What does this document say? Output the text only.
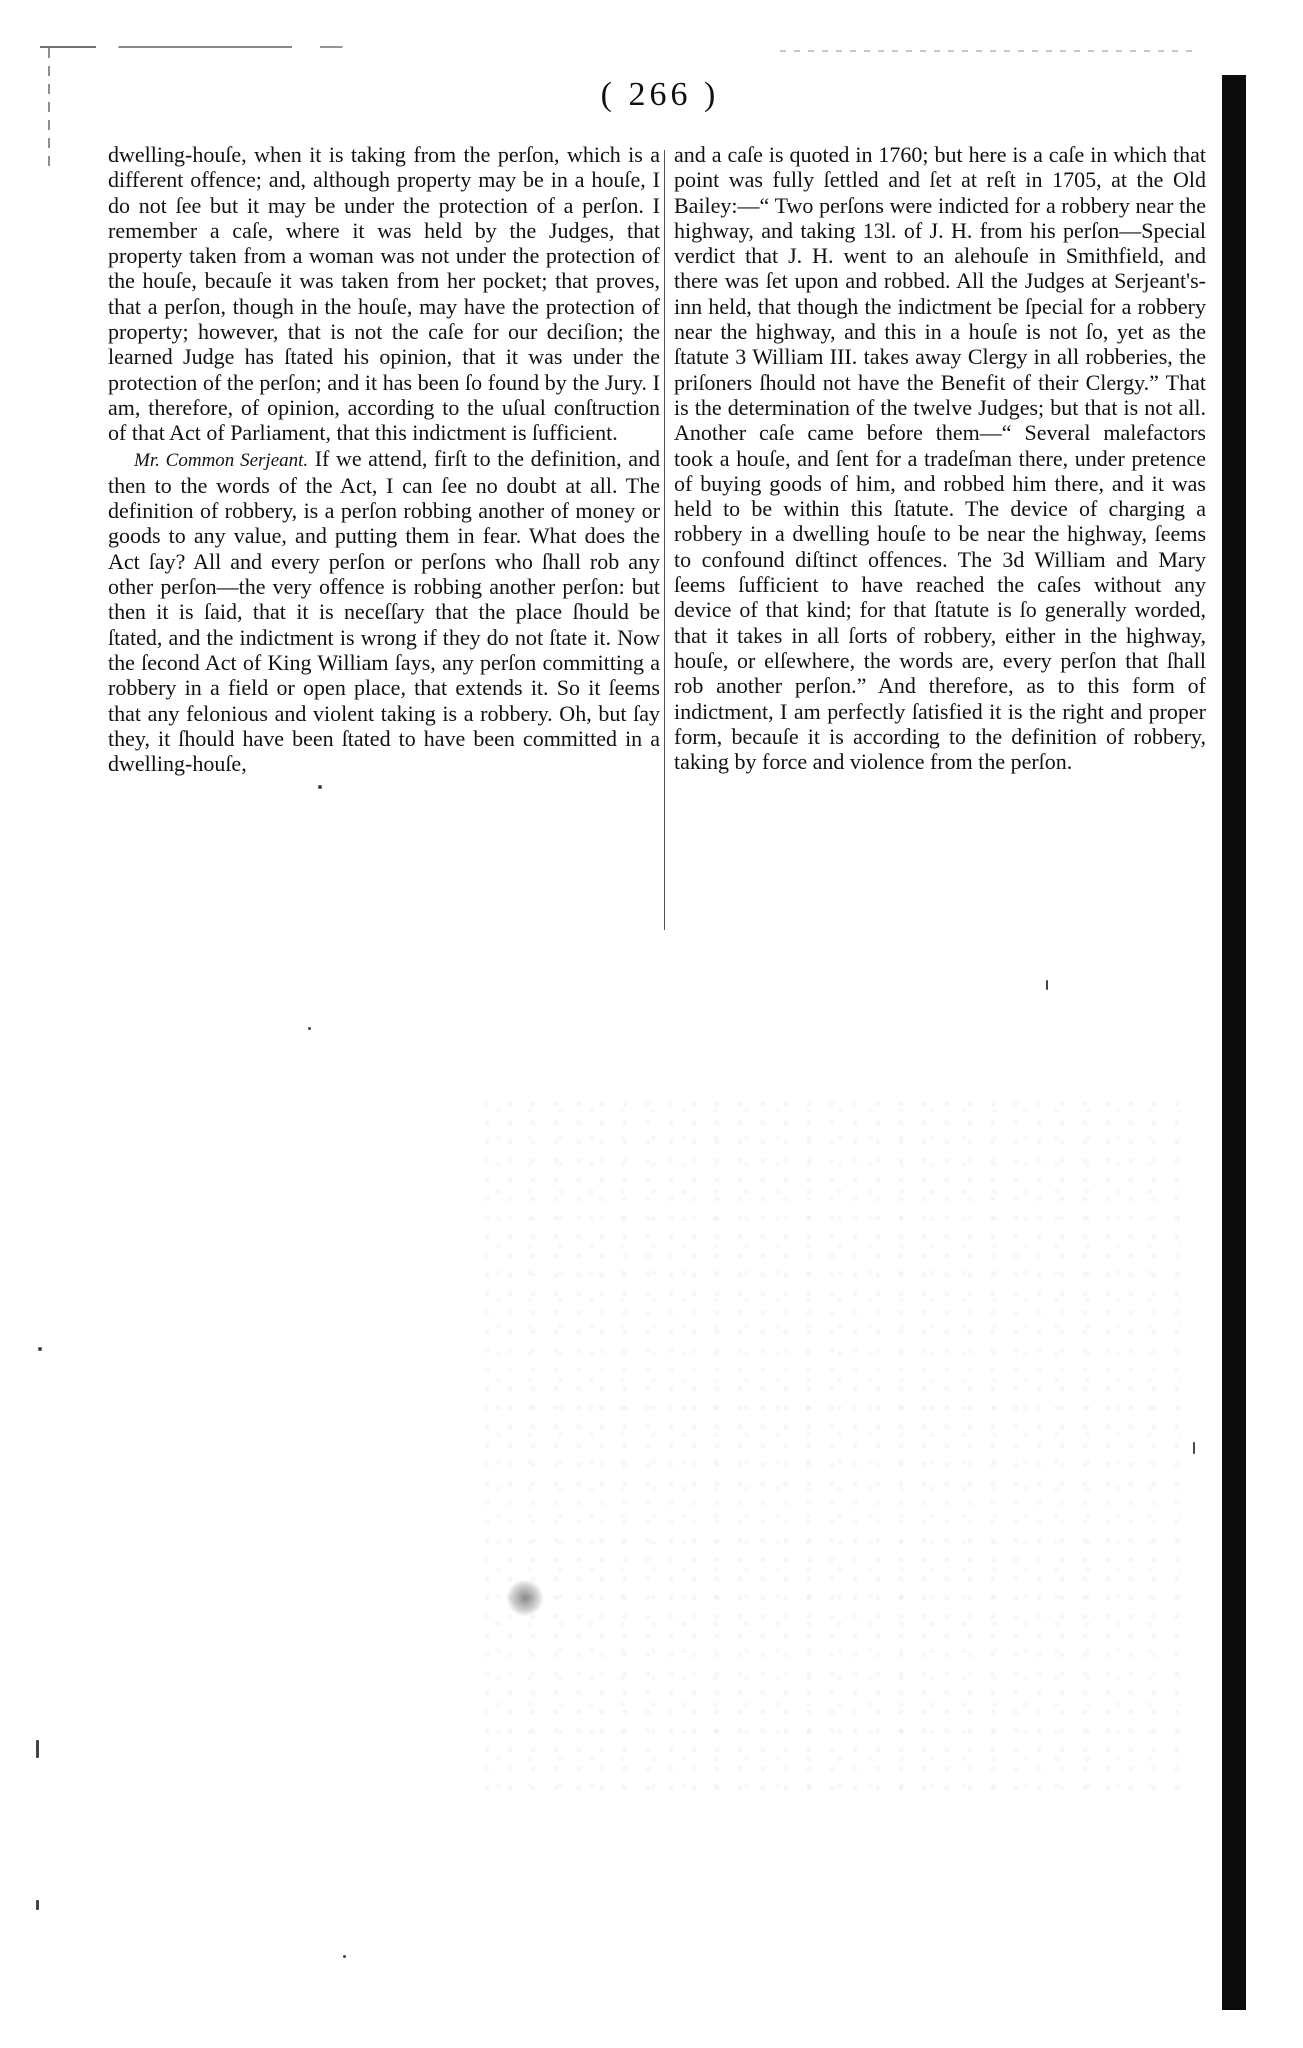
( 266 )

dwelling-houſe, when it is taking from the perſon, which is a different offence; and, although property may be in a houſe, I do not ſee but it may be under the protection of a perſon. I remember a caſe, where it was held by the Judges, that property taken from a woman was not under the protection of the houſe, becauſe it was taken from her pocket; that proves, that a perſon, though in the houſe, may have the protection of property; however, that is not the caſe for our deciſion; the learned Judge has ſtated his opinion, that it was under the protection of the perſon; and it has been ſo found by the Jury. I am, therefore, of opinion, according to the uſual conſtruction of that Act of Parliament, that this indictment is ſufficient.

Mr. Common Serjeant. If we attend, firſt to the definition, and then to the words of the Act, I can ſee no doubt at all. The definition of robbery, is a perſon robbing another of money or goods to any value, and putting them in fear. What does the Act ſay? All and every perſon or perſons who ſhall rob any other perſon—the very offence is robbing another perſon: but then it is ſaid, that it is neceſſary that the place ſhould be ſtated, and the indictment is wrong if they do not ſtate it. Now the ſecond Act of King William ſays, any perſon committing a robbery in a field or open place, that extends it. So it ſeems that any felonious and violent taking is a robbery. Oh, but ſay they, it ſhould have been ſtated to have been committed in a dwelling-houſe,

and a caſe is quoted in 1760; but here is a caſe in which that point was fully ſettled and ſet at reſt in 1705, at the Old Bailey:—“ Two perſons were indicted for a robbery near the highway, and taking 13l. of J. H. from his perſon—Special verdict that J. H. went to an alehouſe in Smithfield, and there was ſet upon and robbed. All the Judges at Serjeant's-inn held, that though the indictment be ſpecial for a robbery near the highway, and this in a houſe is not ſo, yet as the ſtatute 3 William III. takes away Clergy in all robberies, the priſoners ſhould not have the Benefit of their Clergy.” That is the determination of the twelve Judges; but that is not all. Another caſe came before them—“ Several malefactors took a houſe, and ſent for a tradeſman there, under pretence of buying goods of him, and robbed him there, and it was held to be within this ſtatute. The device of charging a robbery in a dwelling houſe to be near the highway, ſeems to confound diſtinct offences. The 3d William and Mary ſeems ſufficient to have reached the caſes without any device of that kind; for that ſtatute is ſo generally worded, that it takes in all ſorts of robbery, either in the highway, houſe, or elſewhere, the words are, every perſon that ſhall rob another perſon.” And therefore, as to this form of indictment, I am perfectly ſatisfied it is the right and proper form, becauſe it is according to the definition of robbery, taking by force and violence from the perſon.
